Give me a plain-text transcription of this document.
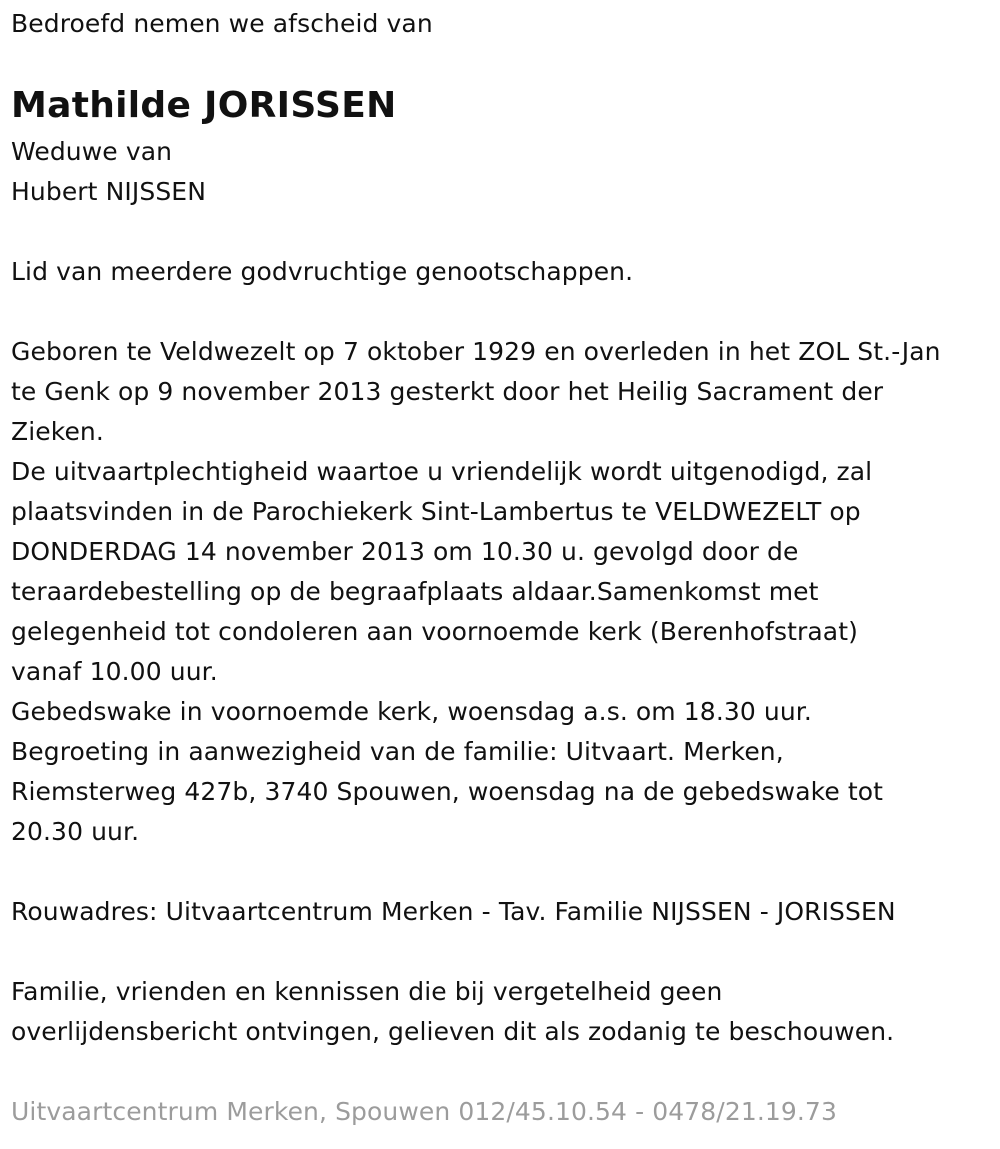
Bedroefd nemen we afscheid van
Mathilde JORISSEN
Weduwe van
Hubert NIJSSEN
Lid van meerdere godvruchtige genootschappen.
Geboren te Veldwezelt op 7 oktober 1929 en overleden in het ZOL St.-Jan
te Genk op 9 november 2013 gesterkt door het Heilig Sacrament der
Zieken.
De uitvaartplechtigheid waartoe u vriendelijk wordt uitgenodigd, zal
plaatsvinden in de Parochiekerk Sint-Lambertus te VELDWEZELT op
DONDERDAG 14 november 2013 om 10.30 u. gevolgd door de
teraardebestelling op de begraafplaats aldaar.Samenkomst met
gelegenheid tot condoleren aan voornoemde kerk (Berenhofstraat)
vanaf 10.00 uur.
Gebedswake in voornoemde kerk, woensdag a.s. om 18.30 uur.
Begroeting in aanwezigheid van de familie: Uitvaart. Merken,
Riemsterweg 427b, 3740 Spouwen, woensdag na de gebedswake tot
20.30 uur.
Rouwadres: Uitvaartcentrum Merken - Tav. Familie NIJSSEN - JORISSEN
Familie, vrienden en kennissen die bij vergetelheid geen
overlijdensbericht ontvingen, gelieven dit als zodanig te beschouwen.
Uitvaartcentrum Merken, Spouwen 012/45.10.54 - 0478/21.19.73
